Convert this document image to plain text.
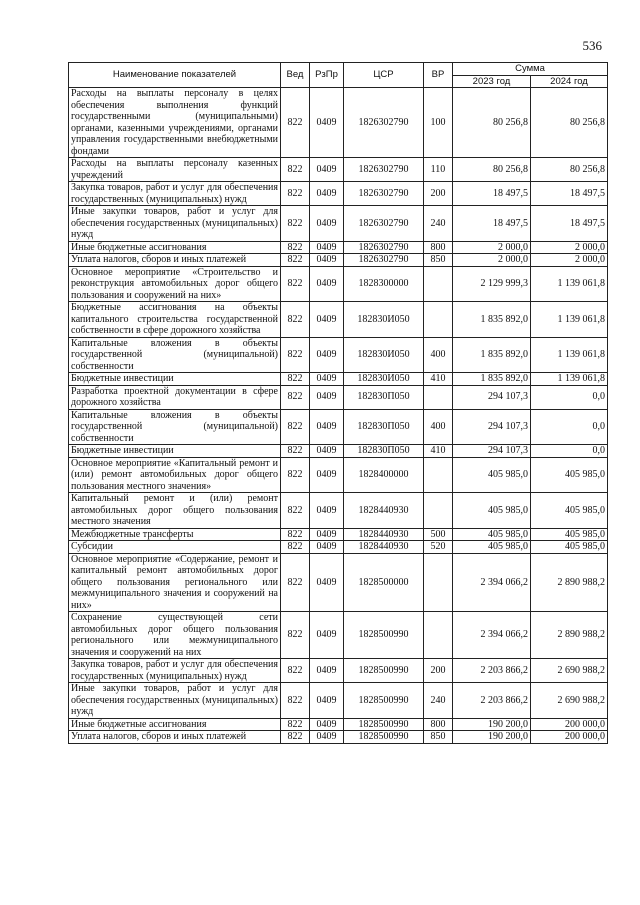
536
Наименование показателей	Вед	РзПр	ЦСР	ВР	Сумма	
					2023 год	2024 год
Расходы на выплаты персоналу в целях обеспечения выполнения функций государственными (муниципальными) органами, казенными учреждениями, органами управления государственными внебюджетными фондами	822	0409	1826302790	100	80 256,8	80 256,8
Расходы на выплаты персоналу казенных учреждений	822	0409	1826302790	110	80 256,8	80 256,8
Закупка товаров, работ и услуг для обеспечения государственных (муниципальных) нужд	822	0409	1826302790	200	18 497,5	18 497,5
Иные закупки товаров, работ и услуг для обеспечения государственных (муниципальных) нужд	822	0409	1826302790	240	18 497,5	18 497,5
Иные бюджетные ассигнования	822	0409	1826302790	800	2 000,0	2 000,0
Уплата налогов, сборов и иных платежей	822	0409	1826302790	850	2 000,0	2 000,0
Основное мероприятие «Строительство и реконструкция автомобильных дорог общего пользования и сооружений на них»	822	0409	1828300000		2 129 999,3	1 139 061,8
Бюджетные ассигнования на объекты капитального строительства государственной собственности в сфере дорожного хозяйства	822	0409	182830И050		1 835 892,0	1 139 061,8
Капитальные вложения в объекты государственной (муниципальной) собственности	822	0409	182830И050	400	1 835 892,0	1 139 061,8
Бюджетные инвестиции	822	0409	182830И050	410	1 835 892,0	1 139 061,8
Разработка проектной документации в сфере дорожного хозяйства	822	0409	182830П050		294 107,3	0,0
Капитальные вложения в объекты государственной (муниципальной) собственности	822	0409	182830П050	400	294 107,3	0,0
Бюджетные инвестиции	822	0409	182830П050	410	294 107,3	0,0
Основное мероприятие «Капитальный ремонт и (или) ремонт автомобильных дорог общего пользования местного значения»	822	0409	1828400000		405 985,0	405 985,0
Капитальный ремонт и (или) ремонт автомобильных дорог общего пользования местного значения	822	0409	1828440930		405 985,0	405 985,0
Межбюджетные трансферты	822	0409	1828440930	500	405 985,0	405 985,0
Субсидии	822	0409	1828440930	520	405 985,0	405 985,0
Основное мероприятие «Содержание, ремонт и капитальный ремонт автомобильных дорог общего пользования регионального или межмуниципального значения и сооружений на них»	822	0409	1828500000		2 394 066,2	2 890 988,2
Сохранение существующей сети автомобильных дорог общего пользования регионального или межмуниципального значения и сооружений на них	822	0409	1828500990		2 394 066,2	2 890 988,2
Закупка товаров, работ и услуг для обеспечения государственных (муниципальных) нужд	822	0409	1828500990	200	2 203 866,2	2 690 988,2
Иные закупки товаров, работ и услуг для обеспечения государственных (муниципальных) нужд	822	0409	1828500990	240	2 203 866,2	2 690 988,2
Иные бюджетные ассигнования	822	0409	1828500990	800	190 200,0	200 000,0
Уплата налогов, сборов и иных платежей	822	0409	1828500990	850	190 200,0	200 000,0
